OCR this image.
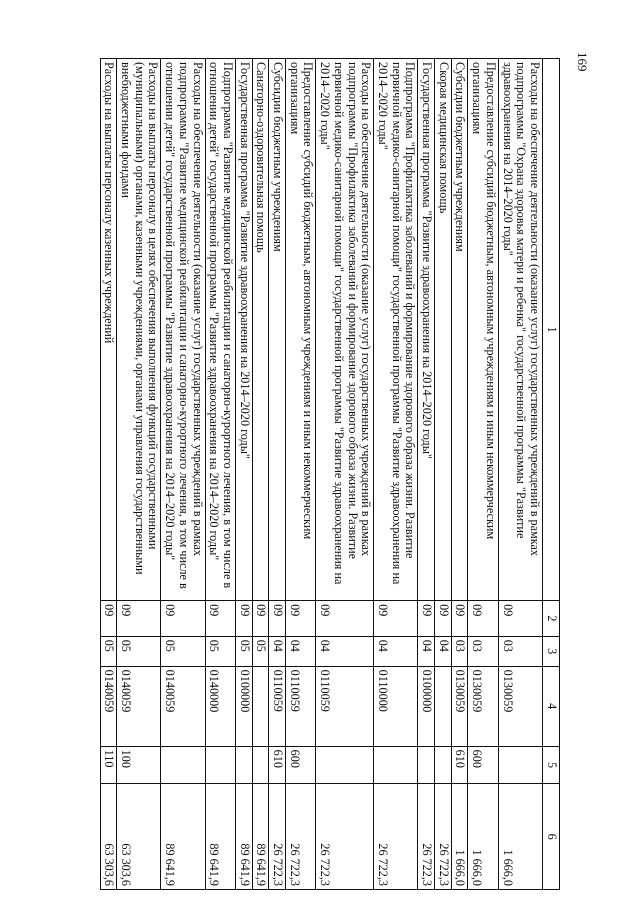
169
1	2	3	4	5	6
Расходы на обеспечение деятельности (оказание услуг) государственных учреждений в рамках подпрограммы "Охрана здоровья матери и ребенка" государственной программы "Развитие здравоохранения на 2014–2020 годы"	09	03	0130059		1 666,0
Предоставление субсидий бюджетным, автономным учреждениям и иным некоммерческим организациям	09	03	0130059	600	1 666,0
Субсидии бюджетным учреждениям	09	03	0130059	610	1 666,0
Скорая медицинская помощь	09	04			26 722,3
Государственная программа "Развитие здравоохранения на 2014–2020 годы"	09	04	0100000		26 722,3
Подпрограмма "Профилактика заболеваний и формирование здорового образа жизни. Развитие первичной медико-санитарной помощи" государственной программы "Развитие здравоохранения на 2014–2020 годы"	09	04	0110000		26 722,3
Расходы на обеспечение деятельности (оказание услуг) государственных учреждений в рамках подпрограммы "Профилактика заболеваний и формирование здорового образа жизни. Развитие первичной медико-санитарной помощи" государственной программы "Развитие здравоохранения на 2014–2020 годы"	09	04	0110059		26 722,3
Предоставление субсидий бюджетным, автономным учреждениям и иным некоммерческим организациям	09	04	0110059	600	26 722,3
Субсидии бюджетным учреждениям	09	04	0110059	610	26 722,3
Санаторно-оздоровительная помощь	09	05			89 641,9
Государственная программа "Развитие здравоохранения на 2014–2020 годы"	09	05	0100000		89 641,9
Подпрограмма "Развитие медицинской реабилитации и санаторно-курортного лечения, в том числе в отношении детей" государственной программы "Развитие здравоохранения на 2014–2020 годы"	09	05	0140000		89 641,9
Расходы на обеспечение деятельности (оказание услуг) государственных учреждений в рамках подпрограммы "Развитие медицинской реабилитации и санаторно-курортного лечения, в том числе в отношении детей" государственной программы "Развитие здравоохранения на 2014–2020 годы"	09	05	0140059		89 641,9
Расходы на выплаты персоналу в целях обеспечения выполнения функций государственными (муниципальными) органами, казенными учреждениями, органами управления государственными внебюджетными фондами	09	05	0140059	100	63 303,6
Расходы на выплаты персоналу казенных учреждений	09	05	0140059	110	63 303,6
